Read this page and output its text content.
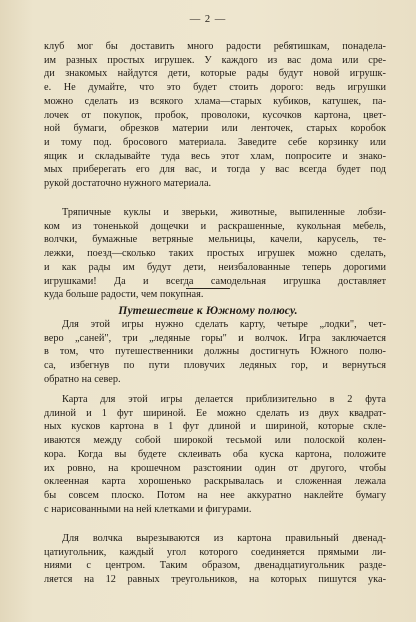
— 2 —
клуб мог бы доставить много радости ребятишкам, понадела-
им разных простых игрушек. У каждого из вас дома или сре-
ди знакомых найдутся дети, которые рады будут новой игрушк-
е. Не думайте, что это будет стоить дорого: ведь игрушки
можно сделать из всякого хлама—старых кубиков, катушек, па-
лочек от покупок, пробок, проволоки, кусочков картона, цвет-
ной бумаги, обрезков материи или ленточек, старых коробок
и тому под. бросового материала. Заведите себе корзинку или
ящик и складывайте туда весь этот хлам, попросите и знако-
мых приберегать его для вас, и тогда у вас всегда будет под
рукой достаточно нужного материала.
Тряпичные куклы и зверьки, животные, выпиленные лобзи-
ком из тоненькой дощечки и раскрашенные, кукольная мебель,
волчки, бумажные ветряные мельницы, качели, карусель, те-
лежки, поезд—сколько таких простых игрушек можно сделать,
и как рады им будут дети, неизбалованные теперь дорогими
игрушками! Да и всегда самодельная игрушка доставляет
куда больше радости, чем покупная.
Путешествие к Южному полюсу.
Для этой игры нужно сделать карту, четыре „лодки", чет-
веро „саней", три „ледяные горы" и волчок. Игра заключается
в том, что путешественники должны достигнуть Южного полю-
са, избегнув по пути пловучих ледяных гор, и вернуться
обратно на север.
Карта для этой игры делается приблизительно в 2 фута
длиной и 1 фут шириной. Ее можно сделать из двух квадрат-
ных кусков картона в 1 фут длиной и шириной, которые скле-
иваются между собой широкой тесьмой или полоской колен-
кора. Когда вы будете склеивать оба куска картона, положите
их ровно, на крошечном разстоянии один от другого, чтобы
оклеенная карта хорошенько раскрывалась и сложенная лежала
бы совсем плоско. Потом на нее аккуратно наклейте бумагу
с нарисованными на ней клетками и фигурами.
Для волчка вырезываются из картона правильный двенад-
цатиугольник, каждый угол которого соединяется прямыми ли-
ниями с центром. Таким образом, двенадцатиугольник разде-
ляется на 12 равных треугольников, на которых пишутся ука-
